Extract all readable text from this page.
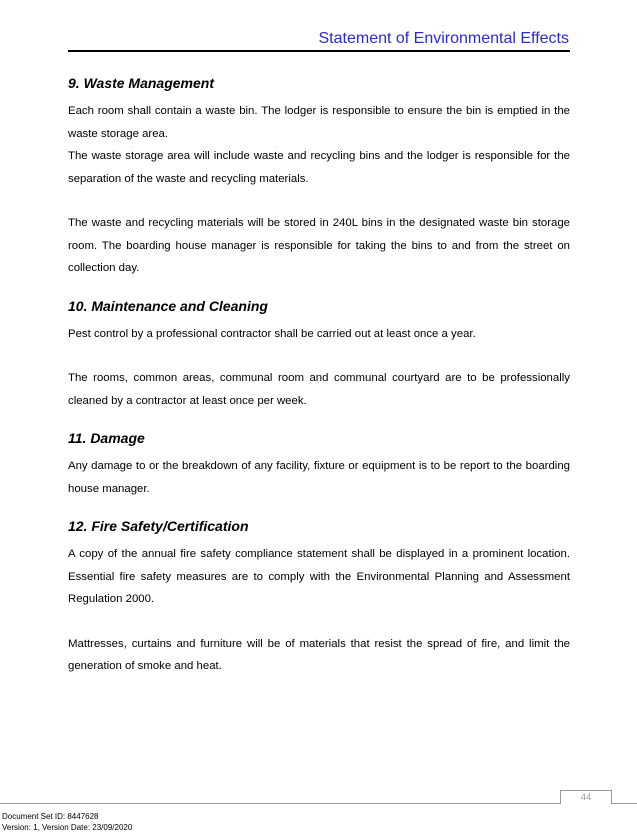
Statement of Environmental Effects
9. Waste Management

Each room shall contain a waste bin. The lodger is responsible to ensure the bin is emptied in the waste storage area.

The waste storage area will include waste and recycling bins and the lodger is responsible for the separation of the waste and recycling materials.

The waste and recycling materials will be stored in 240L bins in the designated waste bin storage room. The boarding house manager is responsible for taking the bins to and from the street on collection day.

10. Maintenance and Cleaning

Pest control by a professional contractor shall be carried out at least once a year.

The rooms, common areas, communal room and communal courtyard are to be professionally cleaned by a contractor at least once per week.

11. Damage

Any damage to or the breakdown of any facility, fixture or equipment is to be report to the boarding house manager.

12. Fire Safety/Certification

A copy of the annual fire safety compliance statement shall be displayed in a prominent location. Essential fire safety measures are to comply with the Environmental Planning and Assessment Regulation 2000.

Mattresses, curtains and furniture will be of materials that resist the spread of fire, and limit the generation of smoke and heat.

44
Document Set ID: 8447628
Version: 1, Version Date: 23/09/2020
